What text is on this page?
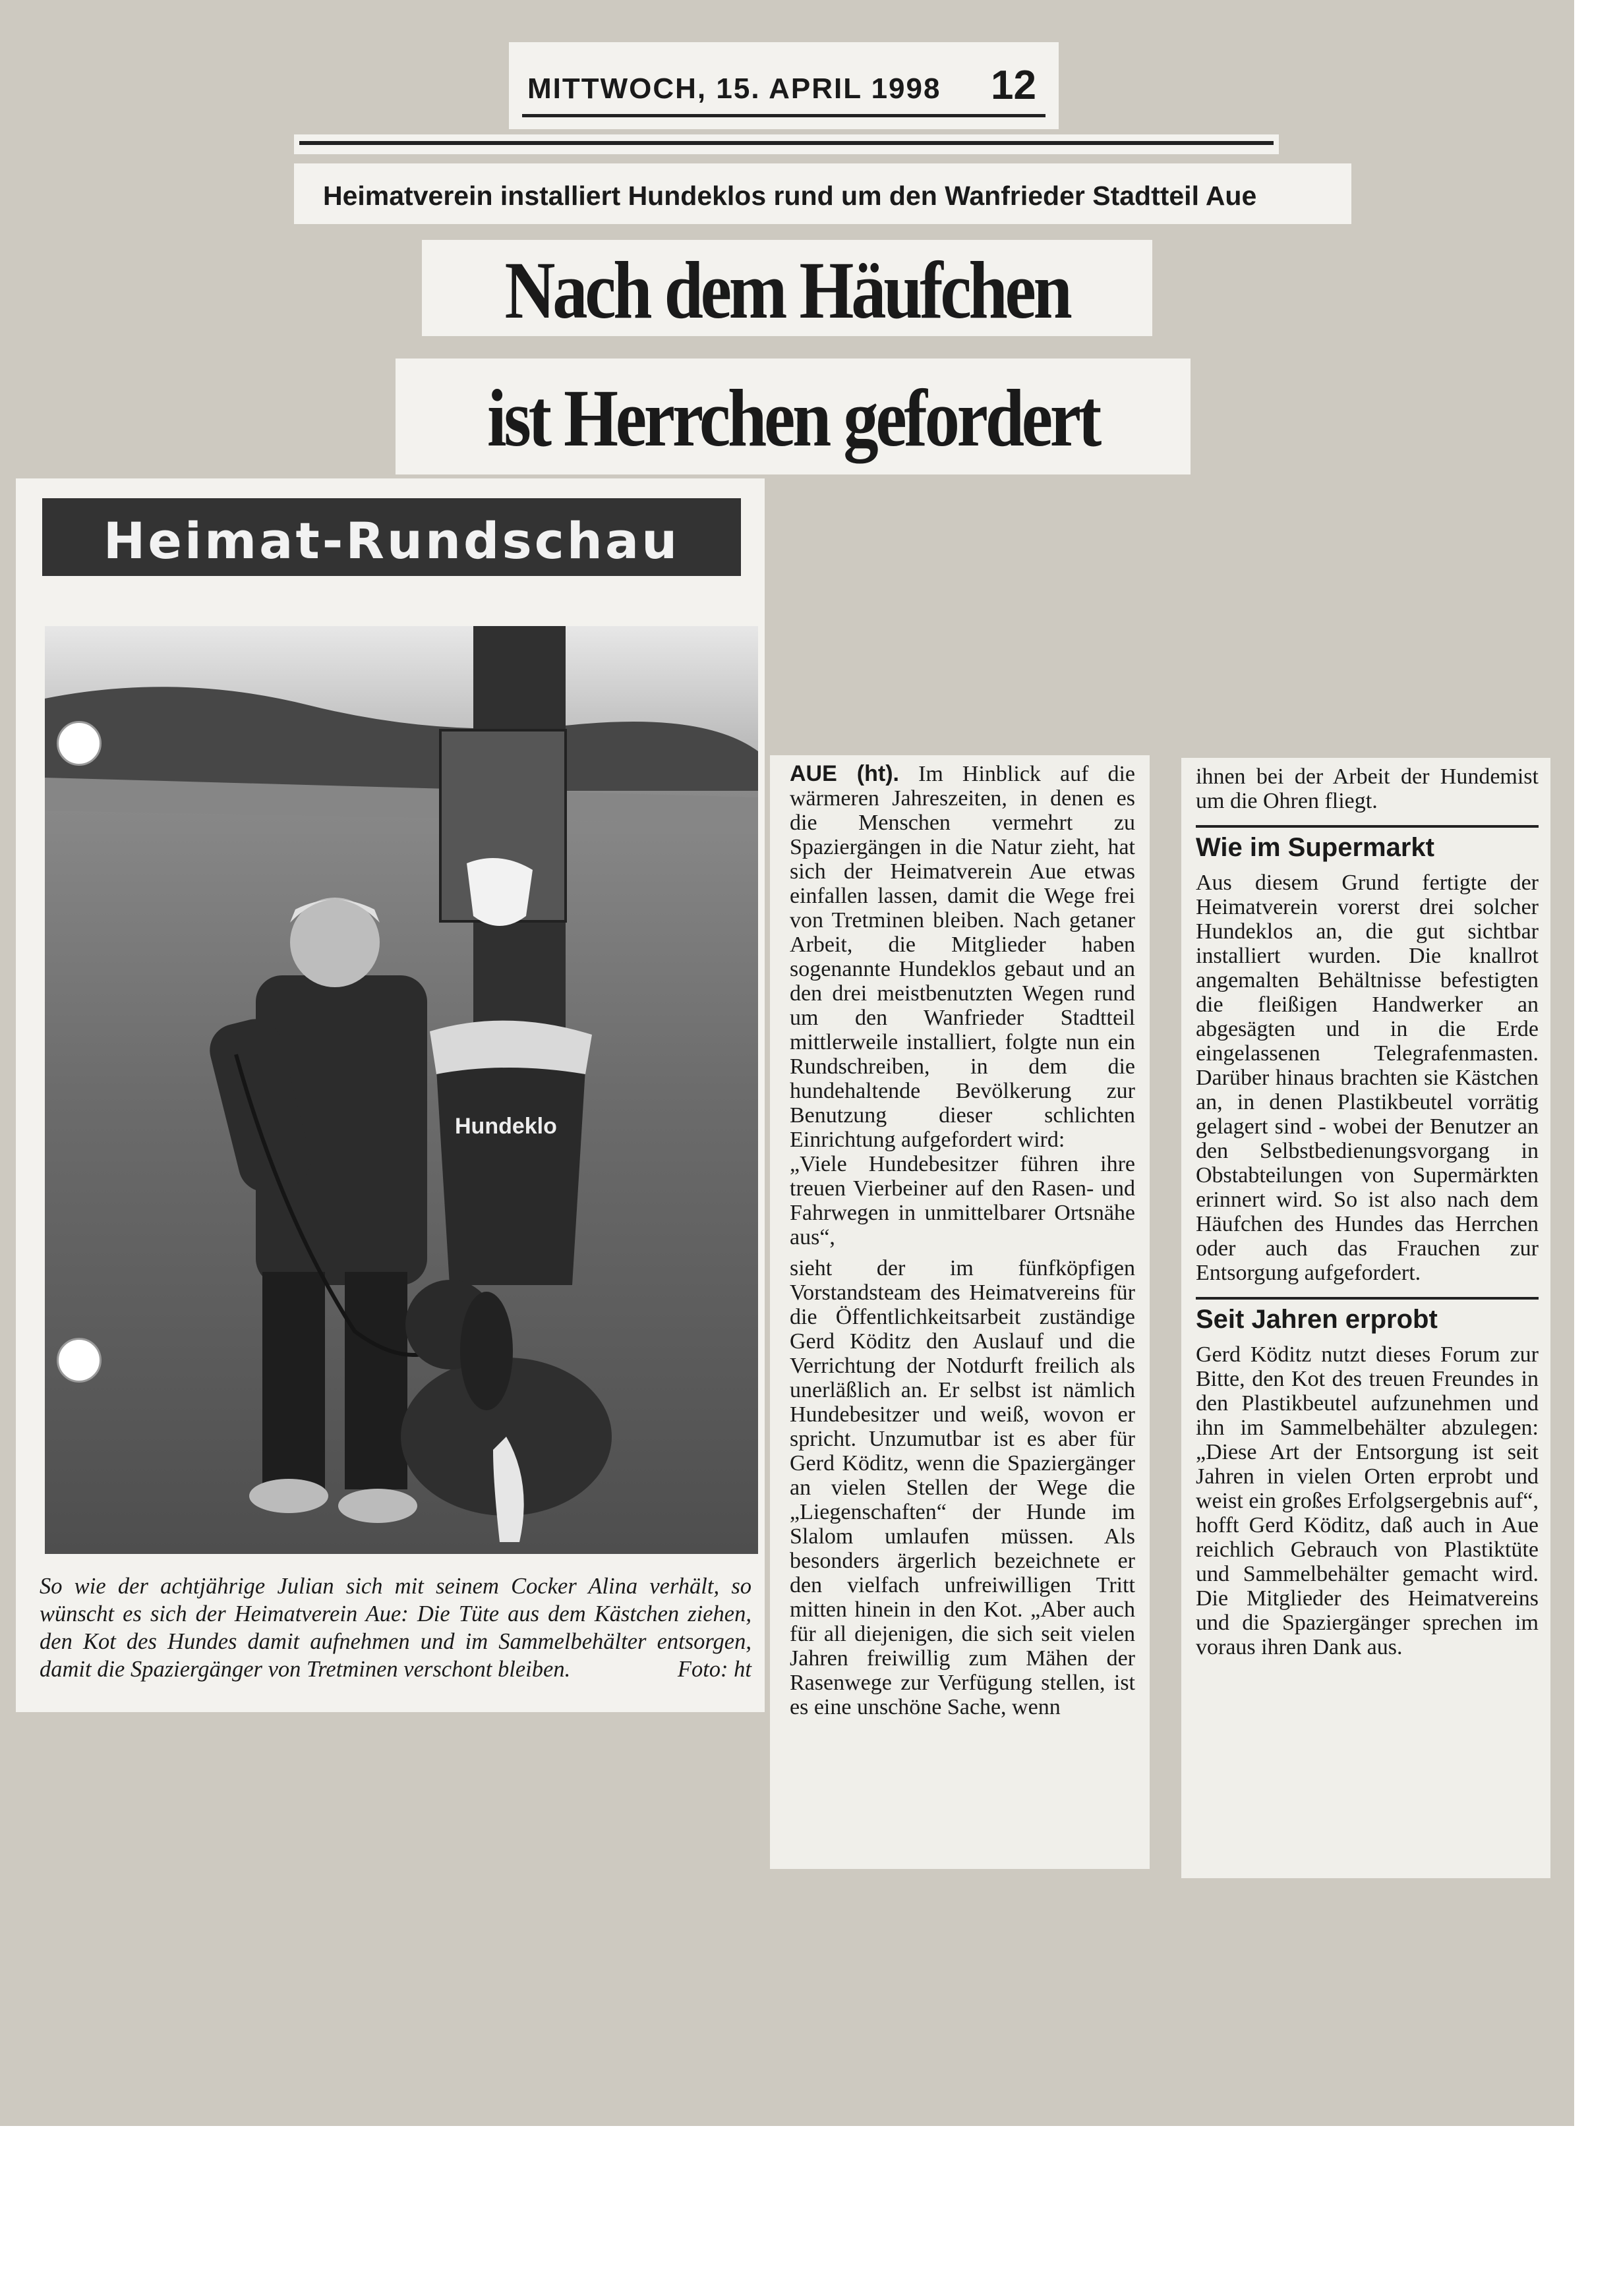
MITTWOCH, 15. APRIL 1998 12
Heimatverein installiert Hundeklos rund um den Wanfrieder Stadtteil Aue
Nach dem Häufchen
ist Herrchen gefordert
Heimat-Rundschau
Hundeklo
So wie der achtjährige Julian sich mit seinem Cocker Alina verhält, so wünscht es sich der Heimatverein Aue: Die Tüte aus dem Kästchen ziehen, den Kot des Hundes damit aufnehmen und im Sammelbehälter entsorgen, damit die Spaziergänger von Tretminen verschont bleiben.	Foto: ht

AUE (ht). Im Hinblick auf die wärmeren Jahreszeiten, in denen es die Menschen vermehrt zu Spaziergängen in die Natur zieht, hat sich der Heimatverein Aue etwas einfallen lassen, damit die Wege frei von Tretminen bleiben. Nach getaner Arbeit, die Mitglieder haben sogenannte Hundeklos gebaut und an den drei meistbenutzten Wegen rund um den Wanfrieder Stadtteil mittlerweile installiert, folgte nun ein Rundschreiben, in dem die hundehaltende Bevölkerung zur Benutzung dieser schlichten Einrichtung aufgefordert wird:

„Viele Hundebesitzer führen ihre treuen Vierbeiner auf den Rasen- und Fahrwegen in unmittelbarer Ortsnähe aus“,

sieht der im fünfköpfigen Vorstandsteam des Heimatvereins für die Öffentlichkeitsarbeit zuständige Gerd Köditz den Auslauf und die Verrichtung der Notdurft freilich als unerläßlich an. Er selbst ist nämlich Hundebesitzer und weiß, wovon er spricht. Unzumutbar ist es aber für Gerd Köditz, wenn die Spaziergänger an vielen Stellen der Wege die „Liegenschaften“ der Hunde im Slalom umlaufen müssen. Als besonders ärgerlich bezeichnete er den vielfach unfreiwilligen Tritt mitten hinein in den Kot. „Aber auch für all diejenigen, die sich seit vielen Jahren freiwillig zum Mähen der Rasenwege zur Verfügung stellen, ist es eine unschöne Sache, wenn

ihnen bei der Arbeit der Hundemist um die Ohren fliegt.

Wie im Supermarkt

Aus diesem Grund fertigte der Heimatverein vorerst drei solcher Hundeklos an, die gut sichtbar installiert wurden. Die knallrot angemalten Behältnisse befestigten die fleißigen Handwerker an abgesägten und in die Erde eingelassenen Telegrafenmasten. Darüber hinaus brachten sie Kästchen an, in denen Plastikbeutel vorrätig gelagert sind - wobei der Benutzer an den Selbstbedienungsvorgang in Obstabteilungen von Supermärkten erinnert wird. So ist also nach dem Häufchen des Hundes das Herrchen oder auch das Frauchen zur Entsorgung aufgefordert.

Seit Jahren erprobt

Gerd Köditz nutzt dieses Forum zur Bitte, den Kot des treuen Freundes in den Plastikbeutel aufzunehmen und ihn im Sammelbehälter abzulegen: „Diese Art der Entsorgung ist seit Jahren in vielen Orten erprobt und weist ein großes Erfolgsergebnis auf“, hofft Gerd Köditz, daß auch in Aue reichlich Gebrauch von Plastiktüte und Sammelbehälter gemacht wird. Die Mitglieder des Heimatvereins und die Spaziergänger sprechen im voraus ihren Dank aus.
